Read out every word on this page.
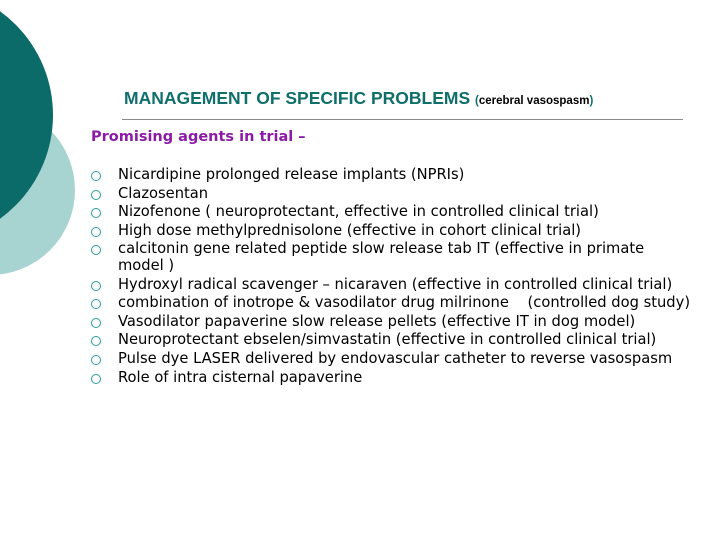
MANAGEMENT OF SPECIFIC PROBLEMS (cerebral vasospasm)
Promising agents in trial –
Nicardipine prolonged release implants (NPRIs)
Clazosentan
Nizofenone ( neuroprotectant, effective in controlled clinical trial)
High dose methylprednisolone (effective in cohort clinical trial)
calcitonin gene related peptide slow release tab IT (effective in primate model )
Hydroxyl radical scavenger – nicaraven (effective in controlled clinical trial)
combination of inotrope & vasodilator drug milrinone    (controlled dog study)
Vasodilator papaverine slow release pellets (effective IT in dog model)
Neuroprotectant ebselen/simvastatin (effective in controlled clinical trial)
Pulse dye LASER delivered by endovascular catheter to reverse vasospasm
Role of intra cisternal papaverine
